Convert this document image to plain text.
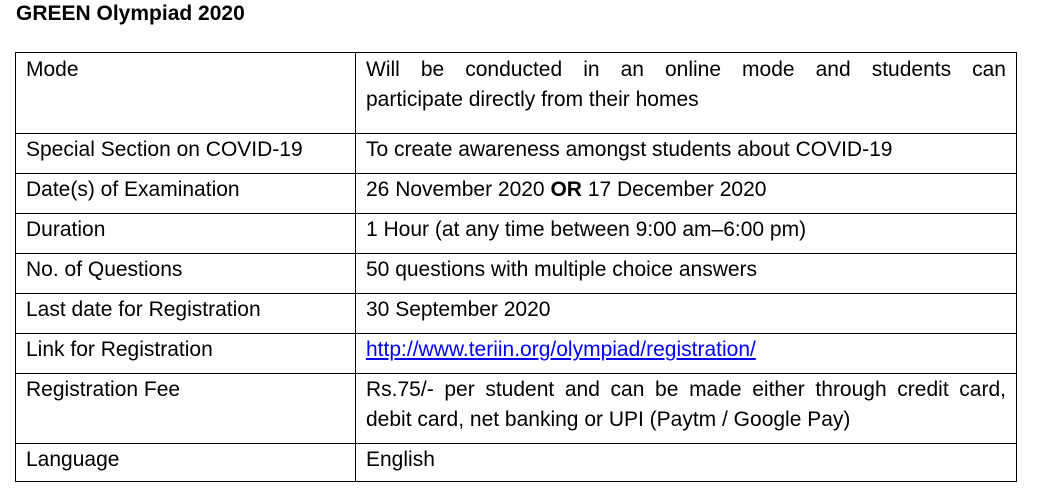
GREEN Olympiad 2020
Mode	Will be conducted in an online mode and students can
participate directly from their homes

Special Section on COVID-19	To create awareness amongst students about COVID-19
Date(s) of Examination	26 November 2020 OR 17 December 2020
Duration	1 Hour (at any time between 9:00 am–6:00 pm)
No. of Questions	50 questions with multiple choice answers
Last date for Registration	30 September 2020
Link for Registration	http://www.teriin.org/olympiad/registration/
Registration Fee	Rs.75/- per student and can be made either through credit card,
debit card, net banking or UPI (Paytm / Google Pay)

Language	English
